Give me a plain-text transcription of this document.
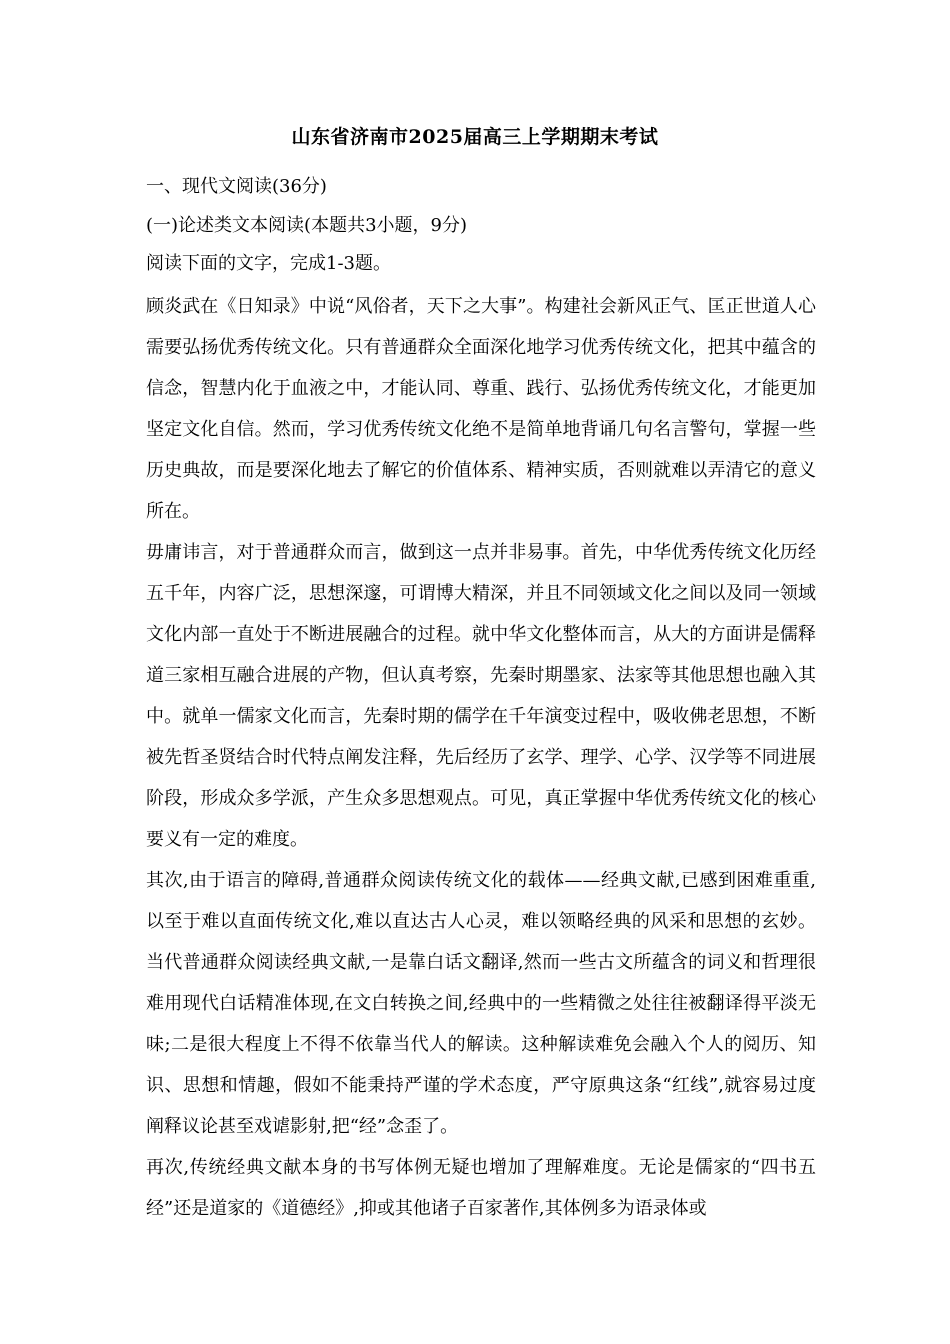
山东省济南市2025届高三上学期期末考试
一、现代文阅读(36分)
(一)论述类文本阅读(本题共3小题，9分)
阅读下面的文字，完成1-3题。

顾炎武在《日知录》中说“风俗者，天下之大事”。构建社会新风正气、匡正世道人心需要弘扬优秀传统文化。只有普通群众全面深化地学习优秀传统文化，把其中蕴含的信念，智慧内化于血液之中，才能认同、尊重、践行、弘扬优秀传统文化，才能更加坚定文化自信。然而，学习优秀传统文化绝不是简单地背诵几句名言警句，掌握一些历史典故，而是要深化地去了解它的价值体系、精神实质，否则就难以弄清它的意义所在。

毋庸讳言，对于普通群众而言，做到这一点并非易事。首先，中华优秀传统文化历经五千年，内容广泛，思想深邃，可谓博大精深，并且不同领域文化之间以及同一领域文化内部一直处于不断进展融合的过程。就中华文化整体而言，从大的方面讲是儒释道三家相互融合进展的产物，但认真考察，先秦时期墨家、法家等其他思想也融入其中。就单一儒家文化而言，先秦时期的儒学在千年演变过程中，吸收佛老思想，不断被先哲圣贤结合时代特点阐发注释，先后经历了玄学、理学、心学、汉学等不同进展阶段，形成众多学派，产生众多思想观点。可见，真正掌握中华优秀传统文化的核心要义有一定的难度。

其次,由于语言的障碍,普通群众阅读传统文化的载体——经典文献,已感到困难重重,以至于难以直面传统文化,难以直达古人心灵，难以领略经典的风采和思想的玄妙。当代普通群众阅读经典文献,一是靠白话文翻译,然而一些古文所蕴含的词义和哲理很难用现代白话精准体现,在文白转换之间,经典中的一些精微之处往往被翻译得平淡无味;二是很大程度上不得不依靠当代人的解读。这种解读难免会融入个人的阅历、知识、思想和情趣，假如不能秉持严谨的学术态度，严守原典这条“红线”,就容易过度阐释议论甚至戏谑影射,把“经”念歪了。

再次,传统经典文献本身的书写体例无疑也增加了理解难度。无论是儒家的“四书五经”还是道家的《道德经》,抑或其他诸子百家著作,其体例多为语录体或
